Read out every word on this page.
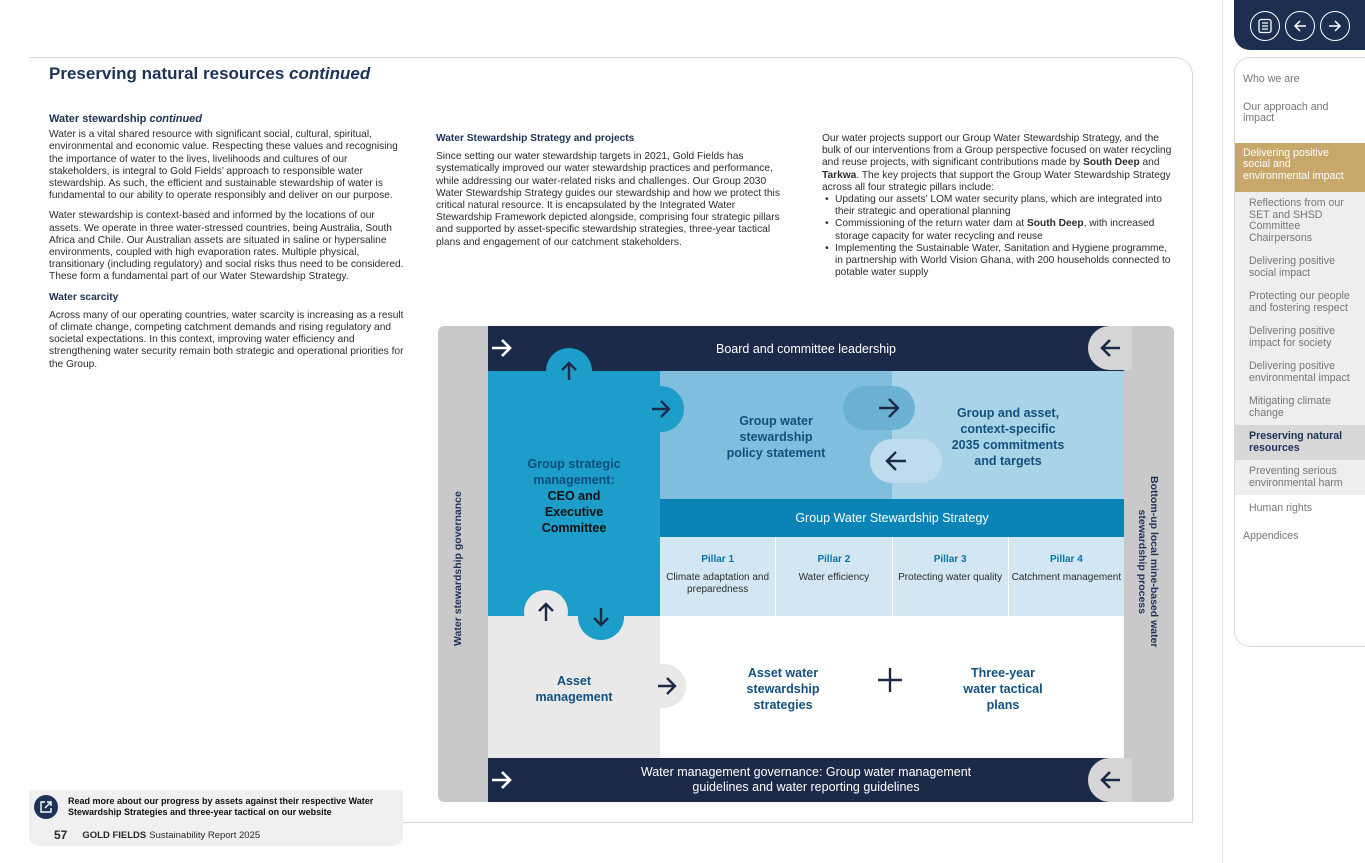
Preserving natural resources continued
Water stewardship continued

Water is a vital shared resource with significant social, cultural, spiritual, environmental and economic value. Respecting these values and recognising the importance of water to the lives, livelihoods and cultures of our stakeholders, is integral to Gold Fields’ approach to responsible water stewardship. As such, the efficient and sustainable stewardship of water is fundamental to our ability to operate responsibly and deliver on our purpose.

Water stewardship is context-based and informed by the locations of our assets. We operate in three water-stressed countries, being Australia, South Africa and Chile. Our Australian assets are situated in saline or hypersaline environments, coupled with high evaporation rates. Multiple physical, transitionary (including regulatory) and social risks thus need to be considered. These form a fundamental part of our Water Stewardship Strategy.

Water scarcity

Across many of our operating countries, water scarcity is increasing as a result of climate change, competing catchment demands and rising regulatory and societal expectations. In this context, improving water efficiency and strengthening water security remain both strategic and operational priorities for the Group.

Water Stewardship Strategy and projects

Since setting our water stewardship targets in 2021, Gold Fields has systematically improved our water stewardship practices and performance, while addressing our water-related risks and challenges. Our Group 2030 Water Stewardship Strategy guides our stewardship and how we protect this critical natural resource. It is encapsulated by the Integrated Water Stewardship Framework depicted alongside, comprising four strategic pillars and supported by asset-specific stewardship strategies, three-year tactical plans and engagement of our catchment stakeholders.

Our water projects support our Group Water Stewardship Strategy, and the bulk of our interventions from a Group perspective focused on water recycling and reuse projects, with significant contributions made by South Deep and Tarkwa. The key projects that support the Group Water Stewardship Strategy across all four strategic pillars include:

• Updating our assets’ LOM water security plans, which are integrated into their strategic and operational planning
• Commissioning of the return water dam at South Deep, with increased storage capacity for water recycling and reuse
• Implementing the Sustainable Water, Sanitation and Hygiene programme, in partnership with World Vision Ghana, with 200 households connected to potable water supply
Board and committee leadership
Water management governance: Group water management
guidelines and water reporting guidelines
Water stewardship governance	Bottom-up local mine-based water
stewardship process
Group strategic
management:
CEO and
Executive
Committee
Group water
stewardship
policy statement
Group and asset,
context-specific
2035 commitments
and targets
Group Water Stewardship Strategy
Pillar 1
Climate adaptation and preparedness
Pillar 2
Water efficiency
Pillar 3
Protecting water quality
Pillar 4
Catchment management
Asset
management
Asset water
stewardship
strategies
Three-year
water tactical
plans
Read more about our progress by assets against their respective Water
Stewardship Strategies and three-year tactical on our website
57 GOLD FIELDS Sustainability Report 2025
Who we are
Our approach and impact
Delivering positive social and environmental impact
Reflections from our SET and SHSD Committee Chairpersons
Delivering positive social impact
Protecting our people and fostering respect
Delivering positive impact for society
Delivering positive environmental impact
Mitigating climate change
Preserving natural resources
Preventing serious environmental harm
Human rights
Appendices
